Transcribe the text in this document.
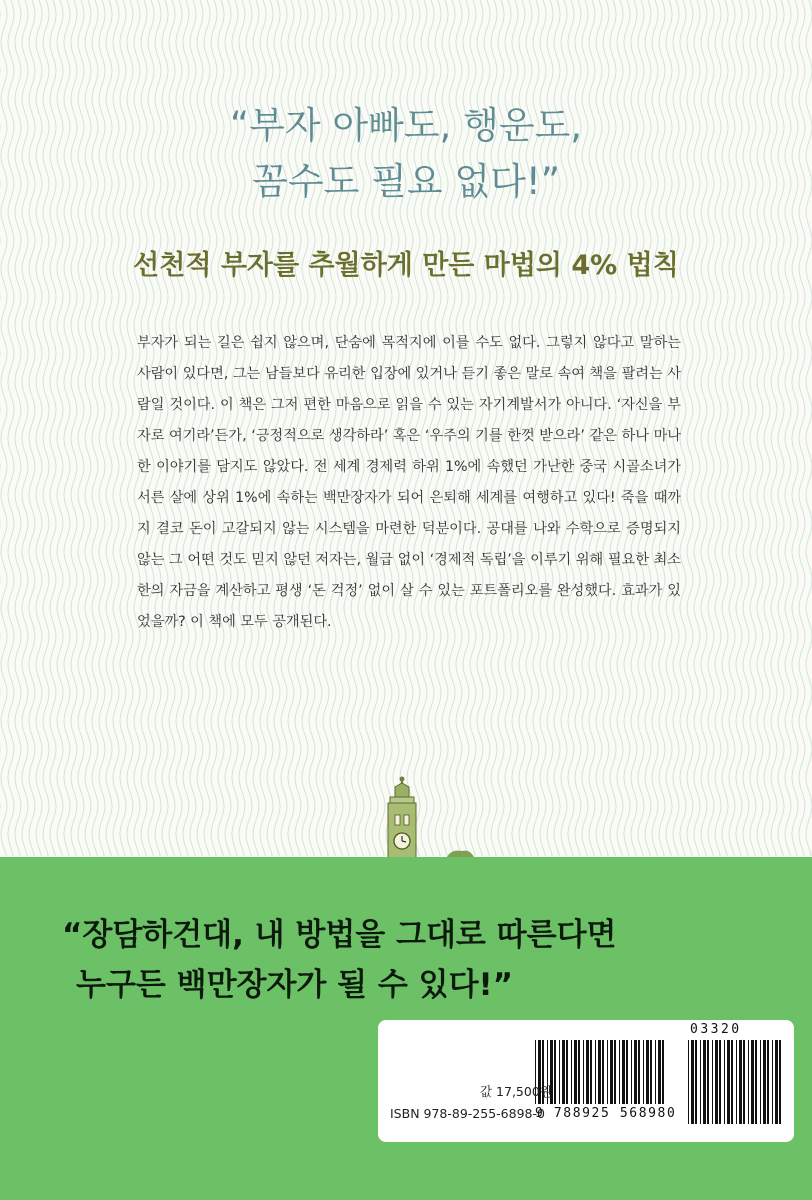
“부자 아빠도, 행운도,
꼼수도 필요 없다!”
선천적 부자를 추월하게 만든 마법의 4% 법칙

부자가 되는 길은 쉽지 않으며, 단숨에 목적지에 이를 수도 없다. 그렇지 않다고 말하는 사람이 있다면, 그는 남들보다 유리한 입장에 있거나 듣기 좋은 말로 속여 책을 팔려는 사람일 것이다. 이 책은 그저 편한 마음으로 읽을 수 있는 자기계발서가 아니다. ‘자신을 부자로 여기라’든가, ‘긍정적으로 생각하라’ 혹은 ‘우주의 기를 한껏 받으라’ 같은 하나 마나 한 이야기를 담지도 않았다. 전 세계 경제력 하위 1%에 속했던 가난한 중국 시골소녀가 서른 살에 상위 1%에 속하는 백만장자가 되어 은퇴해 세계를 여행하고 있다! 죽을 때까지 결코 돈이 고갈되지 않는 시스템을 마련한 덕분이다. 공대를 나와 수학으로 증명되지 않는 그 어떤 것도 믿지 않던 저자는, 월급 없이 ‘경제적 독립’을 이루기 위해 필요한 최소한의 자금을 계산하고 평생 ‘돈 걱정’ 없이 살 수 있는 포트폴리오를 완성했다. 효과가 있었을까? 이 책에 모두 공개된다.

“장담하건대, 내 방법을 그대로 따른다면
누구든 백만장자가 될 수 있다!”
03320
값 17,500원
ISBN 978-89-255-6898-0
9 788925 568980
